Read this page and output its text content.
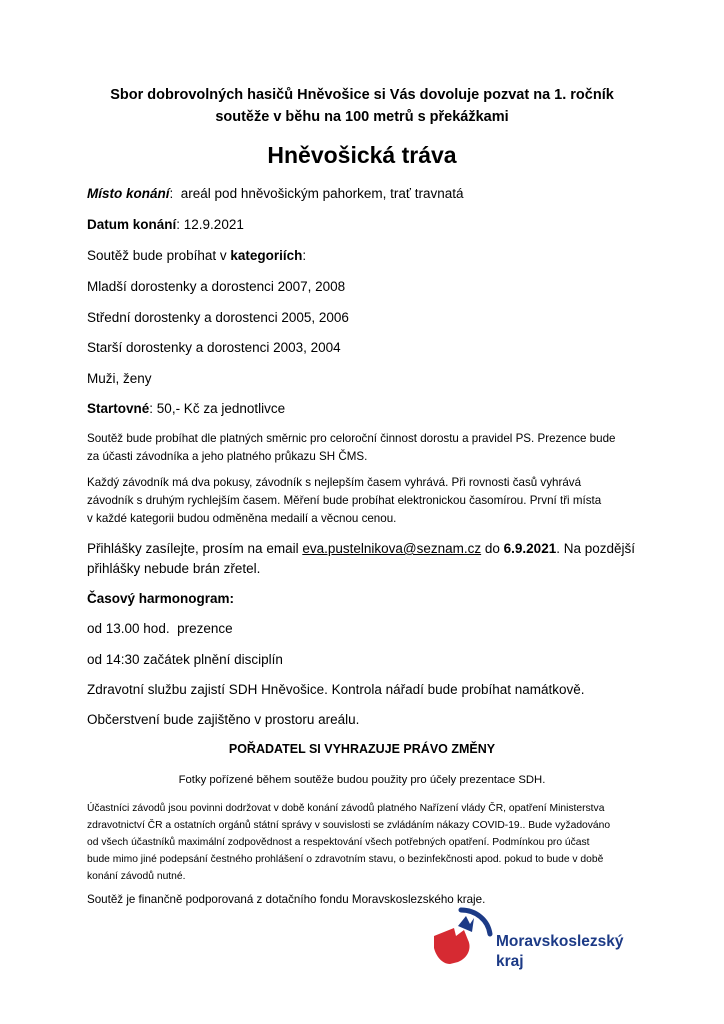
Sbor dobrovolných hasičů Hněvošice si Vás dovoluje pozvat na 1. ročník
soutěže v běhu na 100 metrů s překážkami
Hněvošická tráva
Místo konání:  areál pod hněvošickým pahorkem, trať travnatá
Datum konání: 12.9.2021
Soutěž bude probíhat v kategoriích:
Mladší dorostenky a dorostenci 2007, 2008
Střední dorostenky a dorostenci 2005, 2006
Starší dorostenky a dorostenci 2003, 2004
Muži, ženy
Startovné: 50,- Kč za jednotlivce
Soutěž bude probíhat dle platných směrnic pro celoroční činnost dorostu a pravidel PS. Prezence bude
za účasti závodníka a jeho platného průkazu SH ČMS.
Každý závodník má dva pokusy, závodník s nejlepším časem vyhrává. Při rovnosti časů vyhrává
závodník s druhým rychlejším časem. Měření bude probíhat elektronickou časomírou. První tři místa
v každé kategorii budou odměněna medailí a věcnou cenou.
Přihlášky zasílejte, prosím na email eva.pustelnikova@seznam.cz do 6.9.2021. Na pozdější
přihlášky nebude brán zřetel.
Časový harmonogram:
od 13.00 hod.  prezence
od 14:30 začátek plnění disciplín
Zdravotní službu zajistí SDH Hněvošice. Kontrola nářadí bude probíhat namátkově.
Občerstvení bude zajištěno v prostoru areálu.
POŘADATEL SI VYHRAZUJE PRÁVO ZMĚNY
Fotky pořízené během soutěže budou použity pro účely prezentace SDH.
Účastníci závodů jsou povinni dodržovat v době konání závodů platného Nařízení vlády ČR, opatření Ministerstva
zdravotnictví ČR a ostatních orgánů státní správy v souvislosti se zvládáním nákazy COVID-19.. Bude vyžadováno
od všech účastníků maximální zodpovědnost a respektování všech potřebných opatření. Podmínkou pro účast
bude mimo jiné podepsání čestného prohlášení o zdravotním stavu, o bezinfekčnosti apod. pokud to bude v době
konání závodů nutné.
Soutěž je finančně podporovaná z dotačního fondu Moravskoslezského kraje.
Moravskoslezský
kraj
